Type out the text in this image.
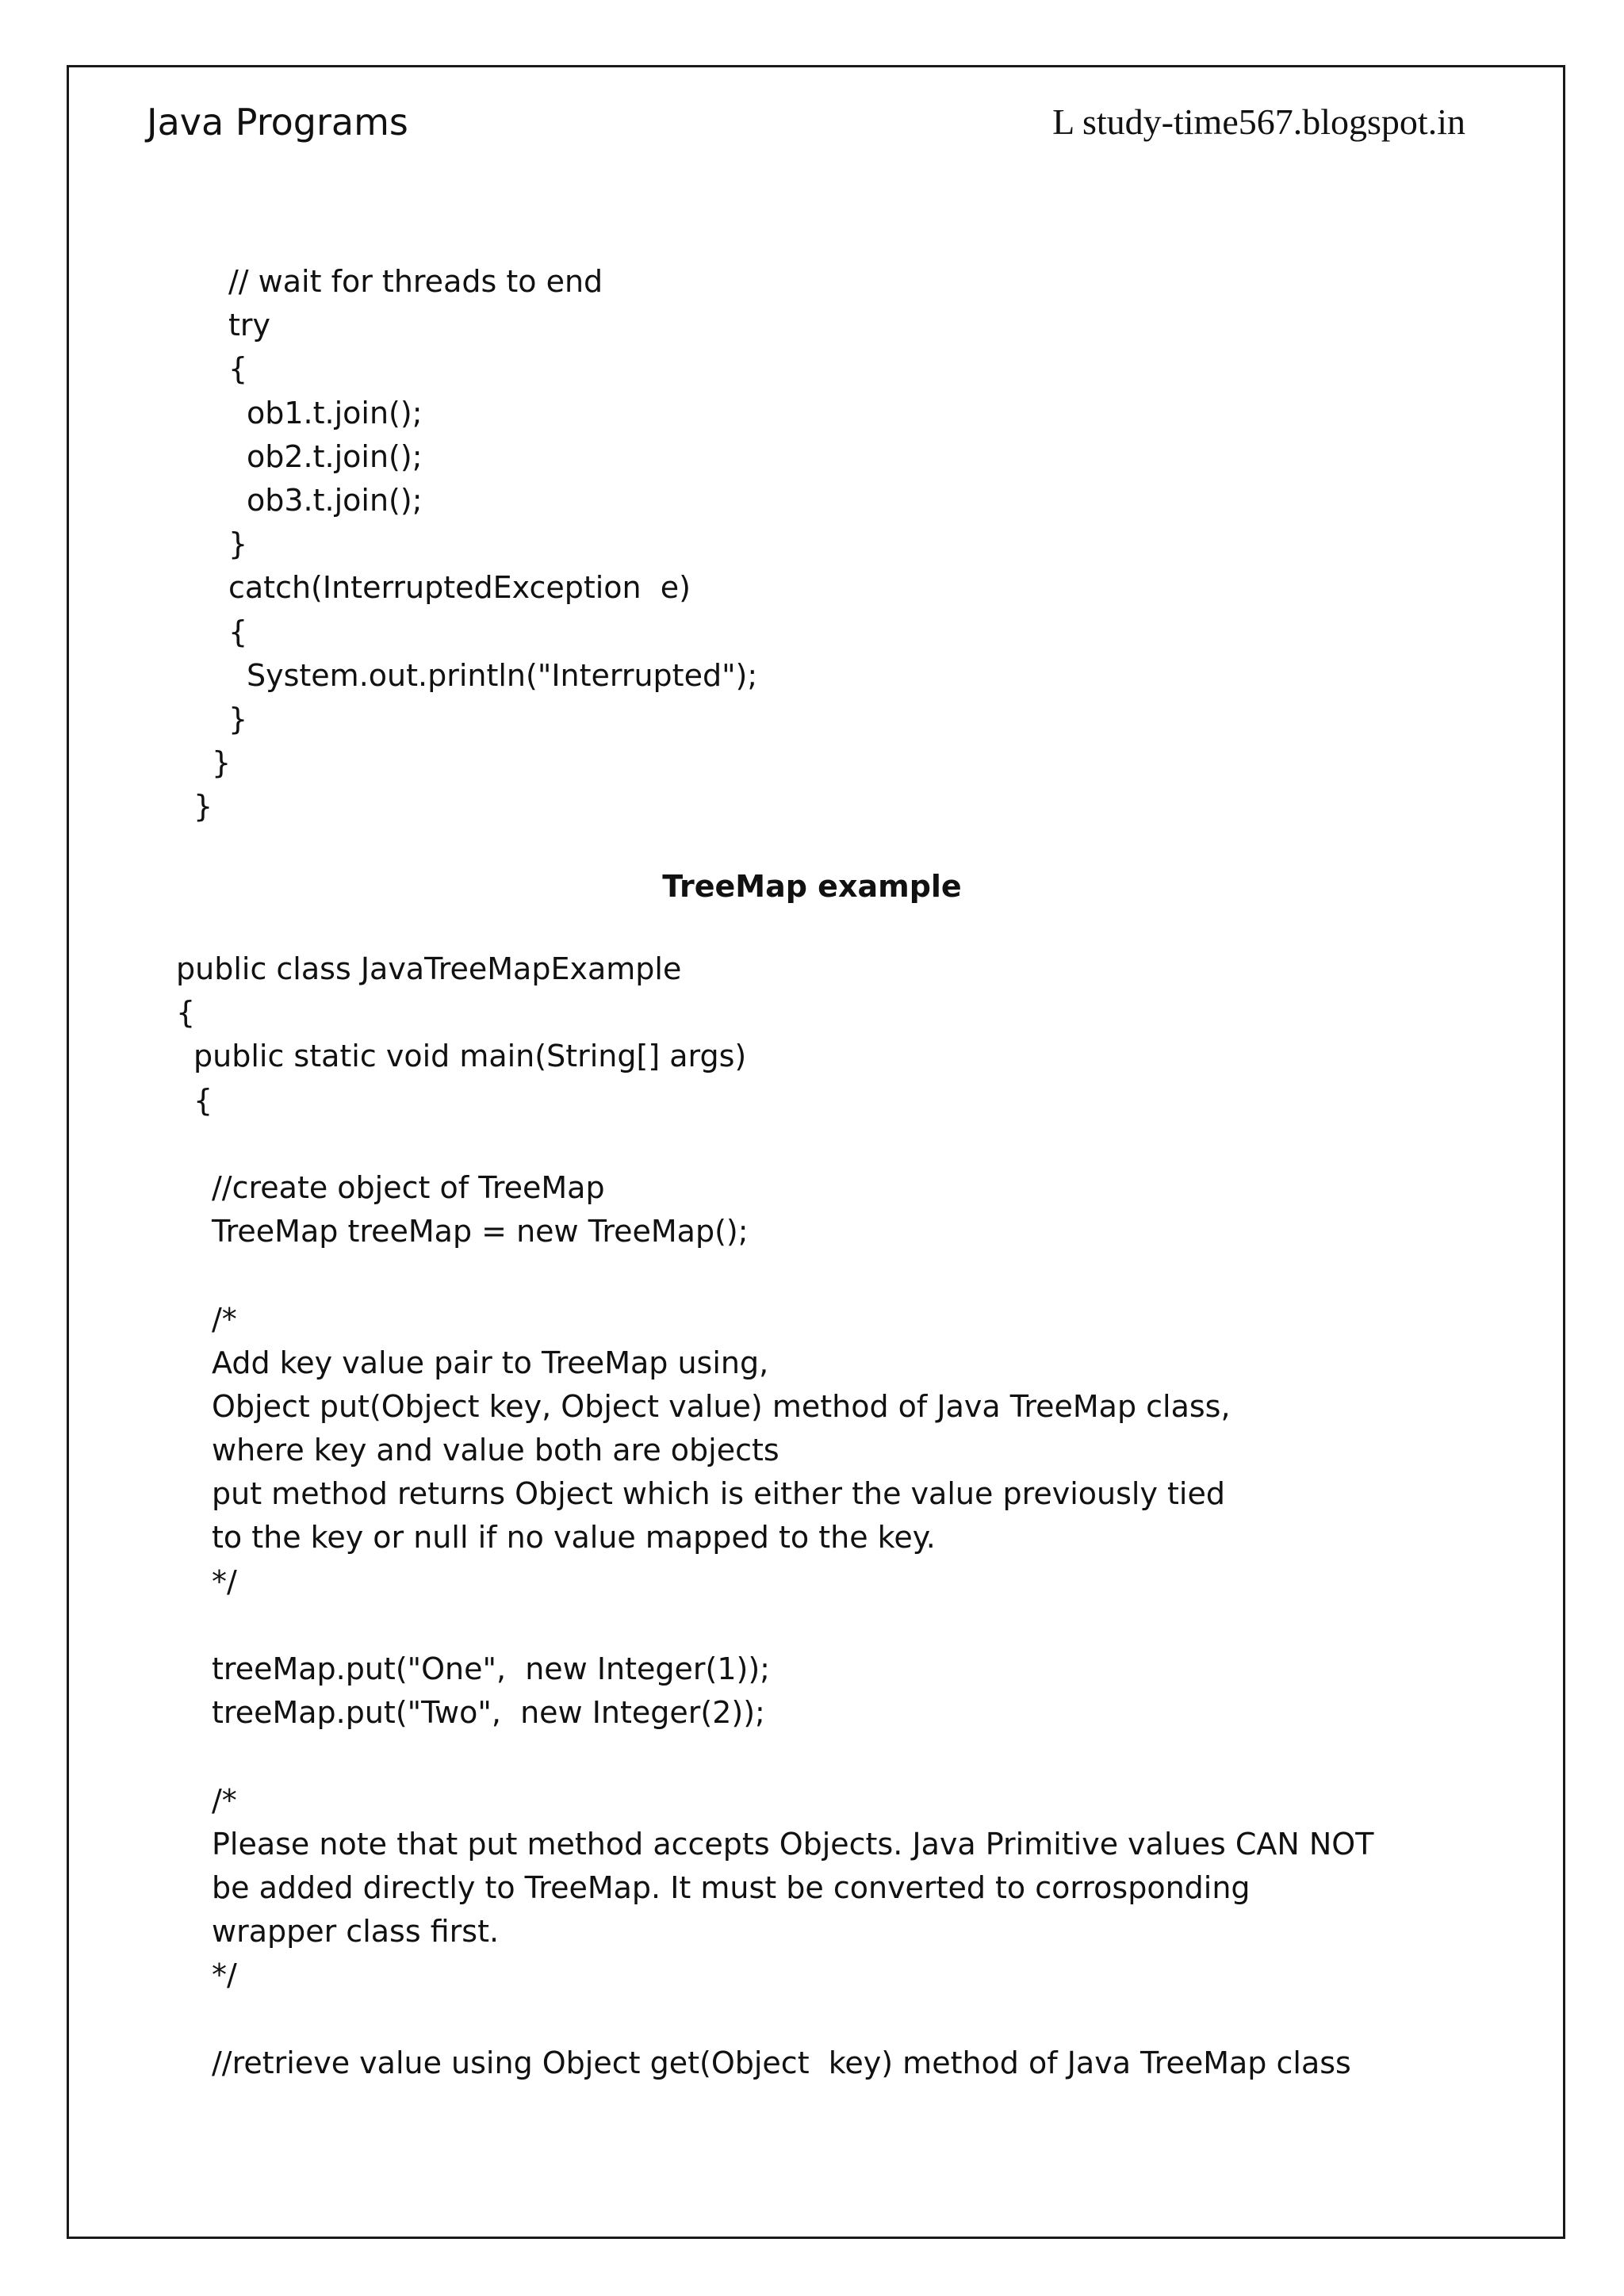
Java Programs	L study-time567.blogspot.in
// wait for threads to end
try
{
ob1.t.join();
ob2.t.join();
ob3.t.join();
}
catch(InterruptedException  e)
{
System.out.println("Interrupted");
}
}
}
TreeMap example
public class JavaTreeMapExample
{
public static void main(String[] args)
{
//create object of TreeMap
TreeMap treeMap = new TreeMap();
/*
Add key value pair to TreeMap using,
Object put(Object key, Object value) method of Java TreeMap class,
where key and value both are objects
put method returns Object which is either the value previously tied
to the key or null if no value mapped to the key.
*/
treeMap.put("One",  new Integer(1));
treeMap.put("Two",  new Integer(2));
/*
Please note that put method accepts Objects. Java Primitive values CAN NOT
be added directly to TreeMap. It must be converted to corrosponding
wrapper class first.
*/
//retrieve value using Object get(Object  key) method of Java TreeMap class
